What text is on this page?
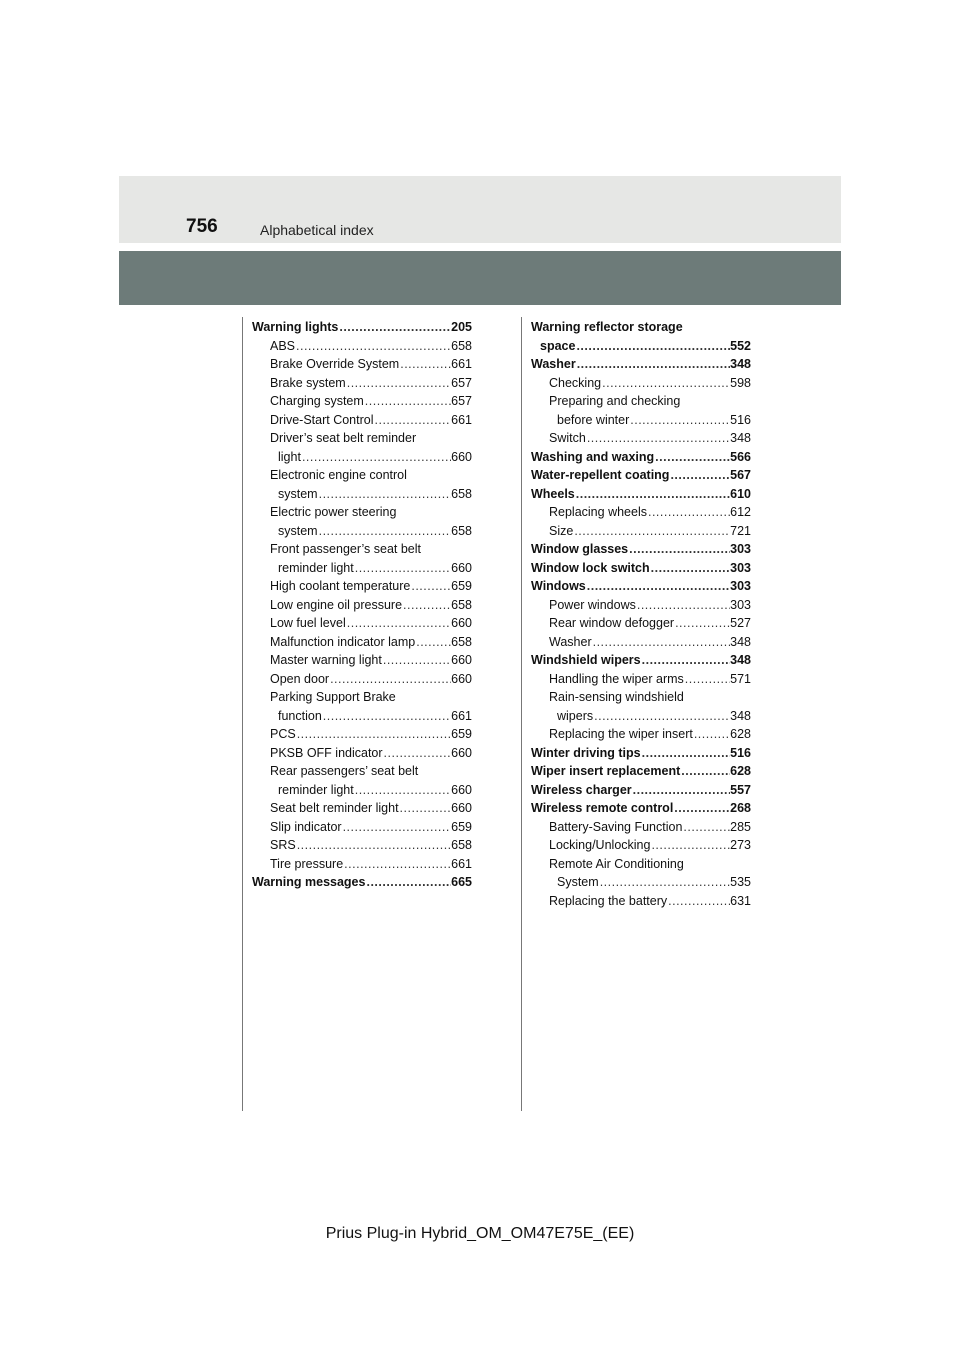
756	Alphabetical index
Warning lights .....	205
ABS .....	658
Brake Override System .....	661
Brake system .....	657
Charging system .....	657
Drive-Start Control .....	661
Driver’s seat belt reminder
light .....	660
Electronic engine control
system .....	658
Electric power steering
system .....	658
Front passenger’s seat belt
reminder light .....	660
High coolant temperature .....	659
Low engine oil pressure .....	658
Low fuel level .....	660
Malfunction indicator lamp .....	658
Master warning light .....	660
Open door .....	660
Parking Support Brake
function .....	661
PCS .....	659
PKSB OFF indicator .....	660
Rear passengers’ seat belt
reminder light .....	660
Seat belt reminder light .....	660
Slip indicator .....	659
SRS .....	658
Tire pressure .....	661
Warning messages .....	665
Warning reflector storage
space .....	552
Washer .....	348
Checking .....	598
Preparing and checking
before winter .....	516
Switch .....	348
Washing and waxing .....	566
Water-repellent coating .....	567
Wheels .....	610
Replacing wheels .....	612
Size .....	721
Window glasses .....	303
Window lock switch .....	303
Windows .....	303
Power windows .....	303
Rear window defogger .....	527
Washer .....	348
Windshield wipers .....	348
Handling the wiper arms .....	571
Rain-sensing windshield
wipers .....	348
Replacing the wiper insert .....	628
Winter driving tips .....	516
Wiper insert replacement .....	628
Wireless charger .....	557
Wireless remote control .....	268
Battery-Saving Function .....	285
Locking/Unlocking .....	273
Remote Air Conditioning
System .....	535
Replacing the battery .....	631
Prius Plug-in Hybrid_OM_OM47E75E_(EE)
